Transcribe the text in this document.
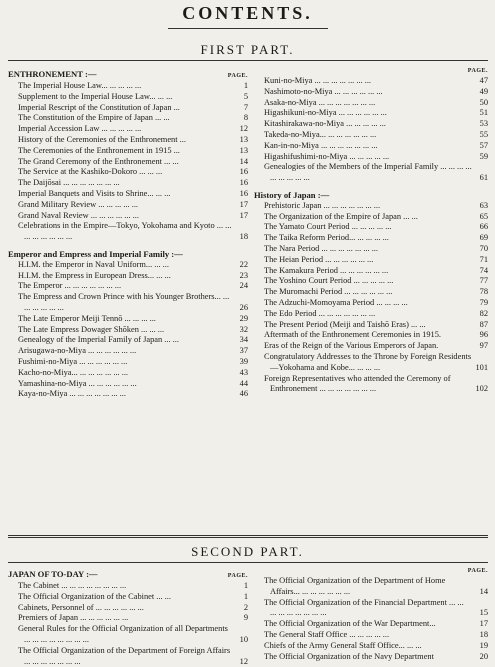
CONTENTS.
FIRST PART.
ENTHRONEMENT :—	PAGE.
The Imperial House Law... ... ... ... ...	1
Supplement to the Imperial House Law... ... ...	5
Imperial Rescript of the Constitution of Japan ...	7
The Constitution of the Empire of Japan ... ...	8
Imperial Accession Law ... ... ... ... ...	12
History of the Ceremonies of the Enthronement ...	13
The Ceremonies of the Enthronement in 1915 ...	13
The Grand Ceremony of the Enthronement ... ...	14
The Service at the Kashiko-Dokoro ... ... ...	16
The Daijōsai ... ... ... ... ... ... ...	16
Imperial Banquets and Visits to Shrine... ... ...	16
Grand Military Review ... ... ... ... ...	17
Grand Naval Review ... ... ... ... ... ...	17
Celebrations in the Empire—Tokyo, Yokohama and Kyoto ... ... ... ... ... ... ... ...	18
Emperor and Empress and Imperial Family :—
H.I.M. the Emperor in Naval Uniform... ... ...	22
H.I.M. the Empress in European Dress... ... ...	23
The Emperor ... ... ... ... ... ... ...	24
The Empress and Crown Prince with his Younger Brothers... ... ... ... ... ... ...	26
The Late Emperor Meiji Tennō ... ... ... ...	29
The Late Empress Dowager Shōken ... ... ...	32
Genealogy of the Imperial Family of Japan ... ...	34
Arisugawa-no-Miya ... ... ... ... ... ...	37
Fushimi-no-Miya ... ... ... ... ... ...	39
Kacho-no-Miya... ... ... ... ... ... ...	43
Yamashina-no-Miya ... ... ... ... ... ...	44
Kaya-no-Miya ... ... ... ... ... ... ...	46
PAGE.
Kuni-no-Miya ... ... ... ... ... ... ...	47
Nashimoto-no-Miya ... ... ... ... ... ...	49
Asaka-no-Miya ... ... ... ... ... ... ...	50
Higashikuni-no-Miya ... ... ... ... ... ...	51
Kitashirakawa-no-Miya ... ... ... ... ...	53
Takeda-no-Miya... ... ... ... ... ... ...	55
Kan-in-no-Miya ... ... ... ... ... ... ...	57
Higashifushimi-no-Miya ... ... ... ... ...	59
Genealogies of the Members of the Imperial Family ... ... ... ... ... ... ... ... ...	61
History of Japan :—
Prehistoric Japan ... ... ... ... ... ... ...	63
The Organization of the Empire of Japan ... ...	65
The Yamato Court Period ... ... ... ... ...	66
The Taika Reform Period... ... ... ... ...	69
The Nara Period ... ... ... ... ... ... ...	70
The Heian Period ... ... ... ... ... ...	71
The Kamakura Period ... ... ... ... ... ...	74
The Yoshino Court Period ... ... ... ... ...	77
The Muromachi Period ... ... ... ... ... ...	78
The Adzuchi-Momoyama Period ... ... ... ...	79
The Edo Period ... ... ... ... ... ... ...	82
The Present Period (Meiji and Taishō Eras) ... ...	87
Aftermath of the Enthronement Ceremonies in 1915.	96
Eras of the Reign of the Various Emperors of Japan.	97
Congratulatory Addresses to the Throne by Foreign Residents—Yokohama and Kobe... ... ... ...	101
Foreign Representatives who attended the Ceremony of Enthronement ... ... ... ... ... ... ...	102
SECOND PART.
JAPAN OF TO-DAY :—	PAGE.
The Cabinet ... ... ... ... ... ... ... ...	1
The Official Organization of the Cabinet ... ...	1
Cabinets, Personnel of ... ... ... ... ... ...	2
Premiers of Japan ... ... ... ... ... ...	9
General Rules for the Official Organization of all Departments ... ... ... ... ... ... ... ...	10
The Official Organization of the Department of Foreign Affairs ... ... ... ... ... ... ...	12
PAGE.
The Official Organization of the Department of Home Affairs... ... ... ... ... ... ...	14
The Official Organization of the Financial Department ... ... ... ... ... ... ... ... ...	15
The Official Organization of the War Department...	17
The General Staff Office ... ... ... ... ...	18
Chiefs of the Army General Staff Office... ... ...	19
The Official Organization of the Navy Department	20
